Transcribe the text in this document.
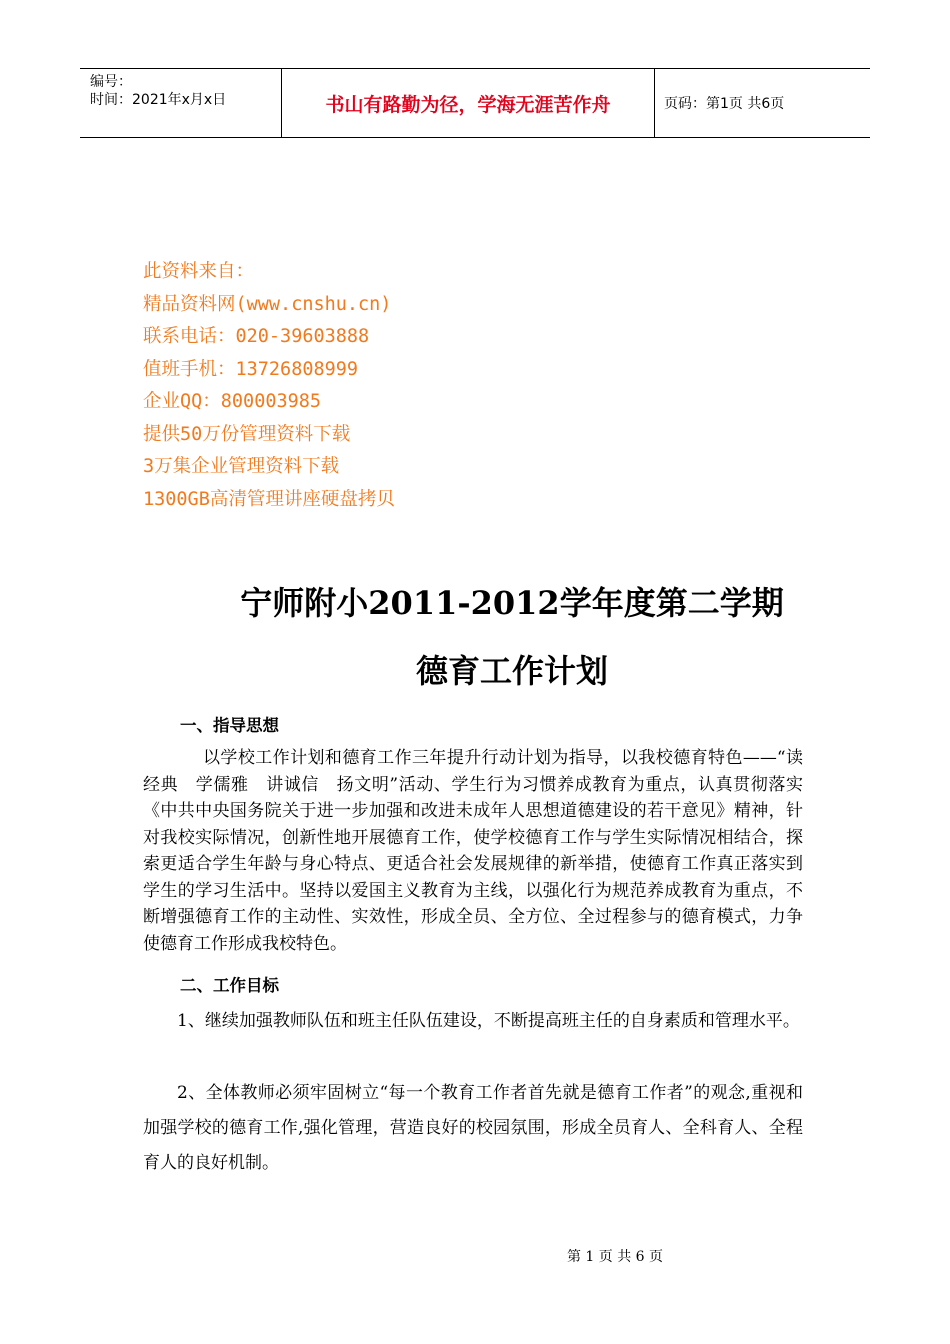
编号：
时间：2021年x月x日	书山有路勤为径，学海无涯苦作舟	页码：第1页 共6页
此资料来自：
精品资料网(www.cnshu.cn)
联系电话：020-39603888
值班手机：13726808999
企业QQ：800003985
提供50万份管理资料下载
3万集企业管理资料下载
1300GB高清管理讲座硬盘拷贝
宁师附小2011-2012学年度第二学期
德育工作计划
一、指导思想
以学校工作计划和德育工作三年提升行动计划为指导，以我校德育特色——“读经典　学儒雅　讲诚信　扬文明”活动、学生行为习惯养成教育为重点，认真贯彻落实《中共中央国务院关于进一步加强和改进未成年人思想道德建设的若干意见》精神，针对我校实际情况，创新性地开展德育工作，使学校德育工作与学生实际情况相结合，探索更适合学生年龄与身心特点、更适合社会发展规律的新举措，使德育工作真正落实到学生的学习生活中。坚持以爱国主义教育为主线，以强化行为规范养成教育为重点，不断增强德育工作的主动性、实效性，形成全员、全方位、全过程参与的德育模式，力争使德育工作形成我校特色。
二、工作目标
1、继续加强教师队伍和班主任队伍建设，不断提高班主任的自身素质和管理水平。
2、全体教师必须牢固树立“每一个教育工作者首先就是德育工作者”的观念,重视和加强学校的德育工作,强化管理，营造良好的校园氛围，形成全员育人、全科育人、全程育人的良好机制。
第 1 页 共 6 页
